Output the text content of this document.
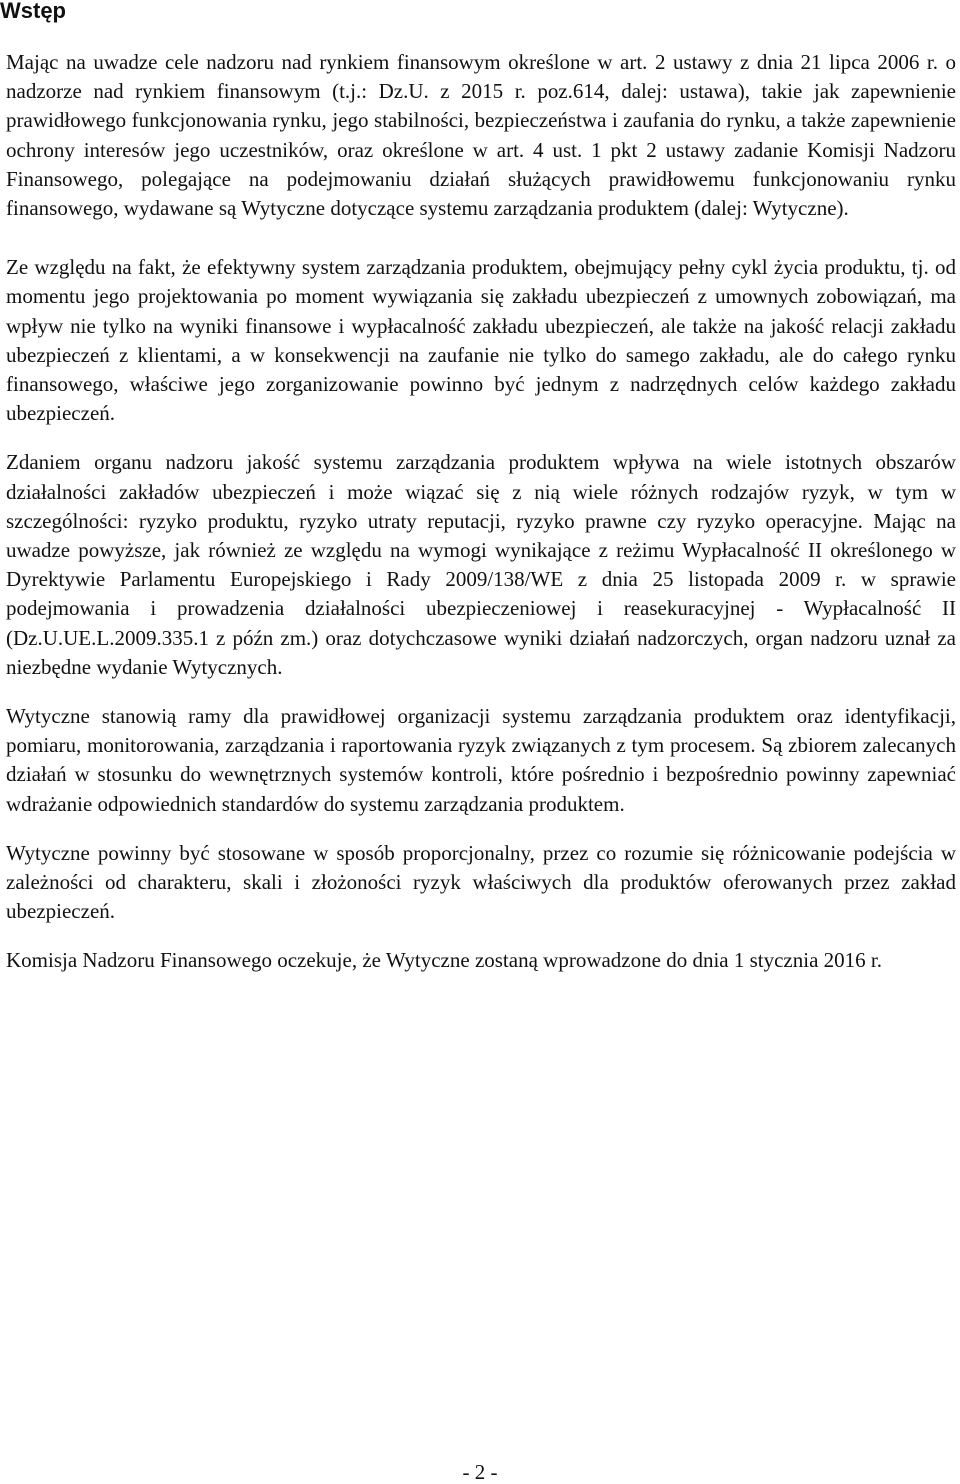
Wstęp

Mając na uwadze cele nadzoru nad rynkiem finansowym określone w art. 2 ustawy z dnia 21 lipca 2006 r. o nadzorze nad rynkiem finansowym (t.j.: Dz.U. z 2015 r. poz.614, dalej: ustawa), takie jak zapewnienie prawidłowego funkcjonowania rynku, jego stabilności, bezpieczeństwa i zaufania do rynku, a także zapewnienie ochrony interesów jego uczestników, oraz określone w art. 4 ust. 1 pkt 2 ustawy zadanie Komisji Nadzoru Finansowego, polegające na podejmowaniu działań służących prawidłowemu funkcjonowaniu rynku finansowego, wydawane są Wytyczne dotyczące systemu zarządzania produktem (dalej: Wytyczne).

Ze względu na fakt, że efektywny system zarządzania produktem, obejmujący pełny cykl życia produktu, tj. od momentu jego projektowania po moment wywiązania się zakładu ubezpieczeń z umownych zobowiązań, ma wpływ nie tylko na wyniki finansowe i wypłacalność zakładu ubezpieczeń, ale także na jakość relacji zakładu ubezpieczeń z klientami, a w konsekwencji na zaufanie nie tylko do samego zakładu, ale do całego rynku finansowego, właściwe jego zorganizowanie powinno być jednym z nadrzędnych celów każdego zakładu ubezpieczeń.

Zdaniem organu nadzoru jakość systemu zarządzania produktem wpływa na wiele istotnych obszarów działalności zakładów ubezpieczeń i może wiązać się z nią wiele różnych rodzajów ryzyk, w tym w szczególności: ryzyko produktu, ryzyko utraty reputacji, ryzyko prawne czy ryzyko operacyjne. Mając na uwadze powyższe, jak również ze względu na wymogi wynikające z reżimu Wypłacalność II określonego w Dyrektywie Parlamentu Europejskiego i Rady 2009/138/WE z dnia 25 listopada 2009 r. w sprawie podejmowania i prowadzenia działalności ubezpieczeniowej i reasekuracyjnej - Wypłacalność II (Dz.U.UE.L.2009.335.1 z późn zm.) oraz dotychczasowe wyniki działań nadzorczych, organ nadzoru uznał za niezbędne wydanie Wytycznych.

Wytyczne stanowią ramy dla prawidłowej organizacji systemu zarządzania produktem oraz identyfikacji, pomiaru, monitorowania, zarządzania i raportowania ryzyk związanych z tym procesem. Są zbiorem zalecanych działań w stosunku do wewnętrznych systemów kontroli, które pośrednio i bezpośrednio powinny zapewniać wdrażanie odpowiednich standardów do systemu zarządzania produktem.

Wytyczne powinny być stosowane w sposób proporcjonalny, przez co rozumie się różnicowanie podejścia w zależności od charakteru, skali i złożoności ryzyk właściwych dla produktów oferowanych przez zakład ubezpieczeń.

Komisja Nadzoru Finansowego oczekuje, że Wytyczne zostaną wprowadzone do dnia 1 stycznia 2016 r.

- 2 -
